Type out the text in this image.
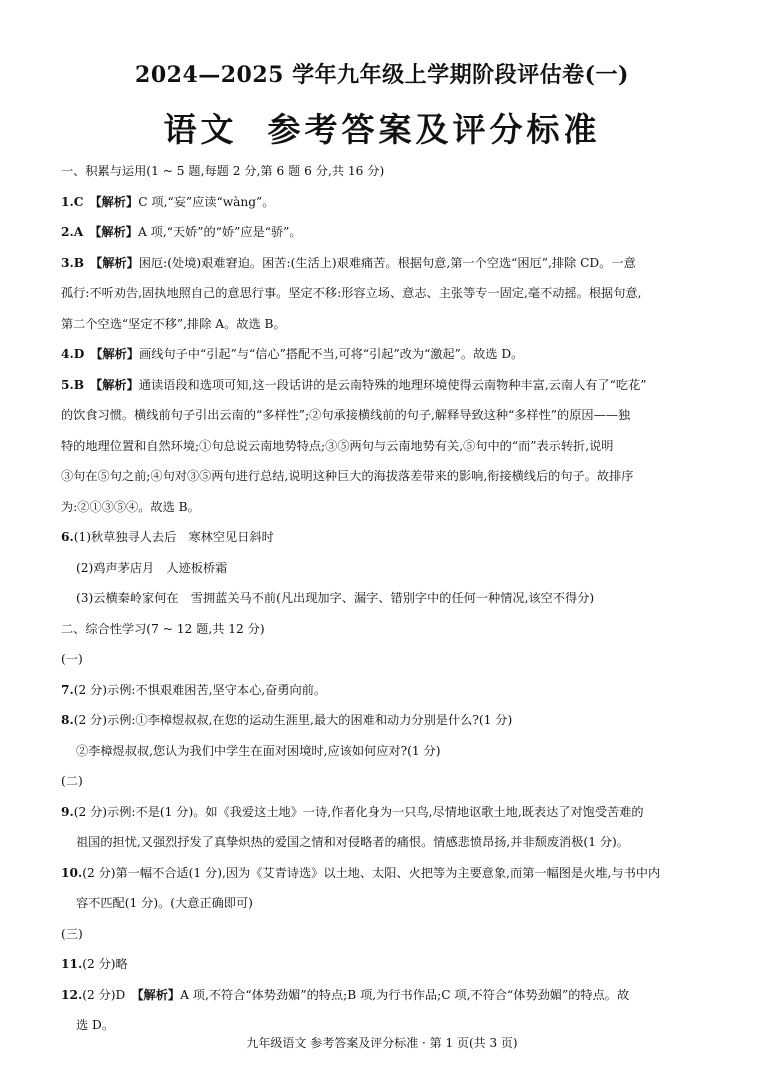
2024—2025 学年九年级上学期阶段评估卷(一)
语文 参考答案及评分标准

一、积累与运用(1 ~ 5 题,每题 2 分,第 6 题 6 分,共 16 分)

1.C 【解析】C 项,“妄”应读“wàng”。

2.A 【解析】A 项,“天娇”的“娇”应是“骄”。

3.B 【解析】困厄:(处境)艰难窘迫。困苦:(生活上)艰难痛苦。根据句意,第一个空选“困厄”,排除 CD。一意

孤行:不听劝告,固执地照自己的意思行事。坚定不移:形容立场、意志、主张等专一固定,毫不动摇。根据句意,

第二个空选“坚定不移”,排除 A。故选 B。

4.D 【解析】画线句子中“引起”与“信心”搭配不当,可将“引起”改为“激起”。故选 D。

5.B 【解析】通读语段和选项可知,这一段话讲的是云南特殊的地理环境使得云南物种丰富,云南人有了“吃花”

的饮食习惯。横线前句子引出云南的“多样性”;②句承接横线前的句子,解释导致这种“多样性”的原因——独

特的地理位置和自然环境;①句总说云南地势特点;③⑤两句与云南地势有关,⑤句中的“而”表示转折,说明

③句在⑤句之前;④句对③⑤两句进行总结,说明这种巨大的海拔落差带来的影响,衔接横线后的句子。故排序

为:②①③⑤④。故选 B。

6.(1)秋草独寻人去后　寒林空见日斜时

(2)鸡声茅店月　人迹板桥霜

(3)云横秦岭家何在　雪拥蓝关马不前(凡出现加字、漏字、错别字中的任何一种情况,该空不得分)

二、综合性学习(7 ~ 12 题,共 12 分)

(一)

7.(2 分)示例:不惧艰难困苦,坚守本心,奋勇向前。

8.(2 分)示例:①李樟煜叔叔,在您的运动生涯里,最大的困难和动力分别是什么?(1 分)

②李樟煜叔叔,您认为我们中学生在面对困境时,应该如何应对?(1 分)

(二)

9.(2 分)示例:不是(1 分)。如《我爱这土地》一诗,作者化身为一只鸟,尽情地讴歌土地,既表达了对饱受苦难的

祖国的担忧,又强烈抒发了真挚炽热的爱国之情和对侵略者的痛恨。情感悲愤昂扬,并非颓废消极(1 分)。

10.(2 分)第一幅不合适(1 分),因为《艾青诗选》以土地、太阳、火把等为主要意象,而第一幅图是火堆,与书中内

容不匹配(1 分)。(大意正确即可)

(三)

11.(2 分)略

12.(2 分)D 【解析】A 项,不符合“体势劲媚”的特点;B 项,为行书作品;C 项,不符合“体势劲媚”的特点。故

选 D。

九年级语文 参考答案及评分标准 · 第 1 页(共 3 页)
